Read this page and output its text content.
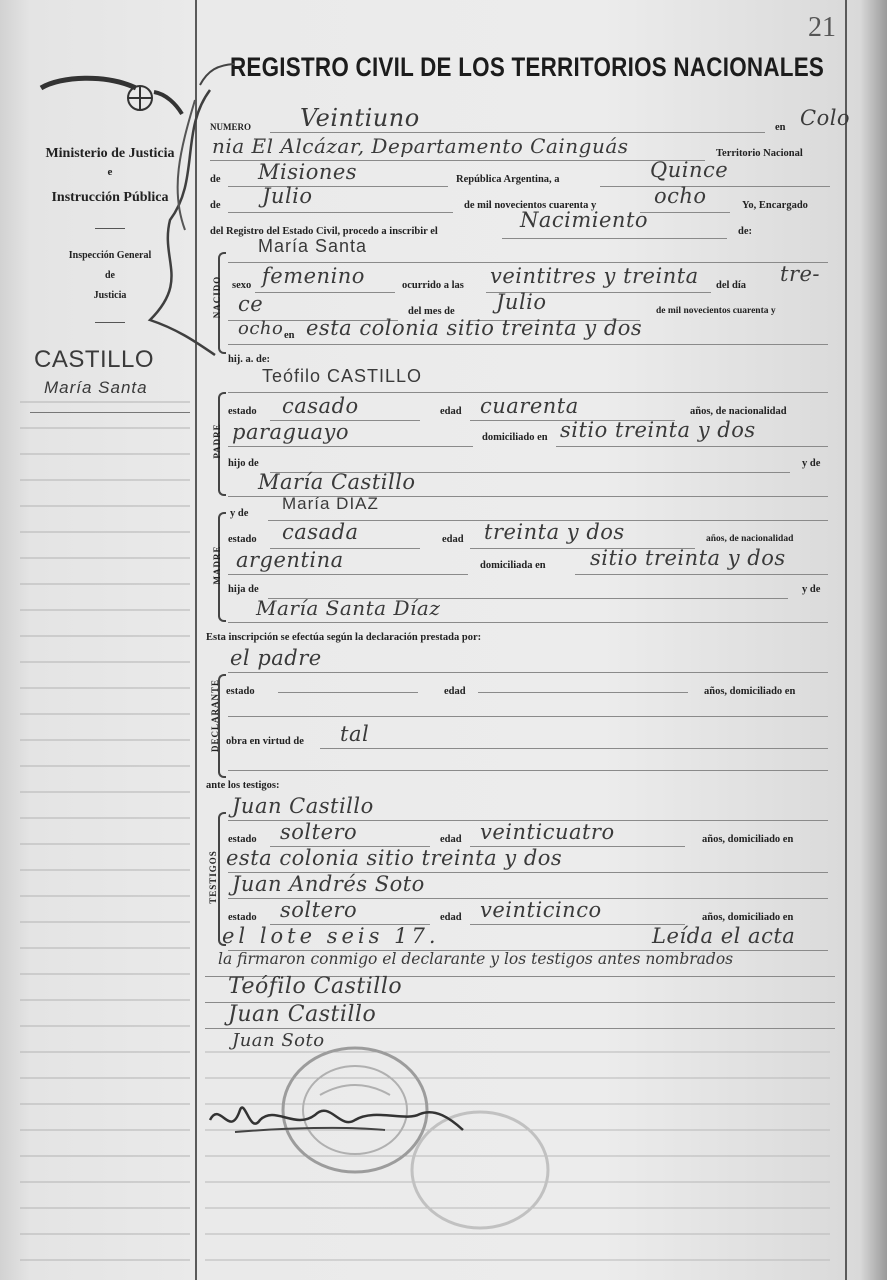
21
Ministerio de Justicia
e
Instrucción Pública
Inspección General
de
Justicia
CASTILLO
María Santa
REGISTRO CIVIL DE LOS TERRITORIOS NACIONALES
NUMERO Veintiuno	en Colo
nia El Alcázar, Departamento Cainguás	Territorio Nacional
de Misiones	República Argentina, a	Quince
de Julio	de mil novecientos cuarenta y	ocho	Yo, Encargado
del Registro del Estado Civil, procedo a inscribir el	Nacimiento	de:
NACIDO
María Santa
sexo femenino	ocurrido a las veintitres y treinta del día tre-
ce	del mes de Julio	de mil novecientos cuarenta y
ocho en esta colonia sitio treinta y dos
hij. a. de:
PADRE
Teófilo CASTILLO
estado casado	edad cuarenta	años, de nacionalidad
paraguayo	domiciliado en sitio treinta y dos
hijo de	y de
María Castillo
y de
María DIAZ
MADRE
estado casada	edad treinta y dos	años, de nacionalidad
argentina	domiciliada en sitio treinta y dos
hija de	y de
María Santa Díaz
Esta inscripción se efectúa según la declaración prestada por:
el padre
DECLARANTE estado	edad	años, domiciliado en
obra en virtud de tal
ante los testigos:
Juan Castillo
TESTIGOS
estado soltero	edad veinticuatro	años, domiciliado en
esta colonia sitio treinta y dos
Juan Andrés Soto
estado soltero	edad veinticinco	años, domiciliado en
el lote seis 17.	Leída el acta
la firmaron conmigo el declarante y los testigos antes nombrados
Teófilo Castillo
Juan Castillo
Juan Soto
